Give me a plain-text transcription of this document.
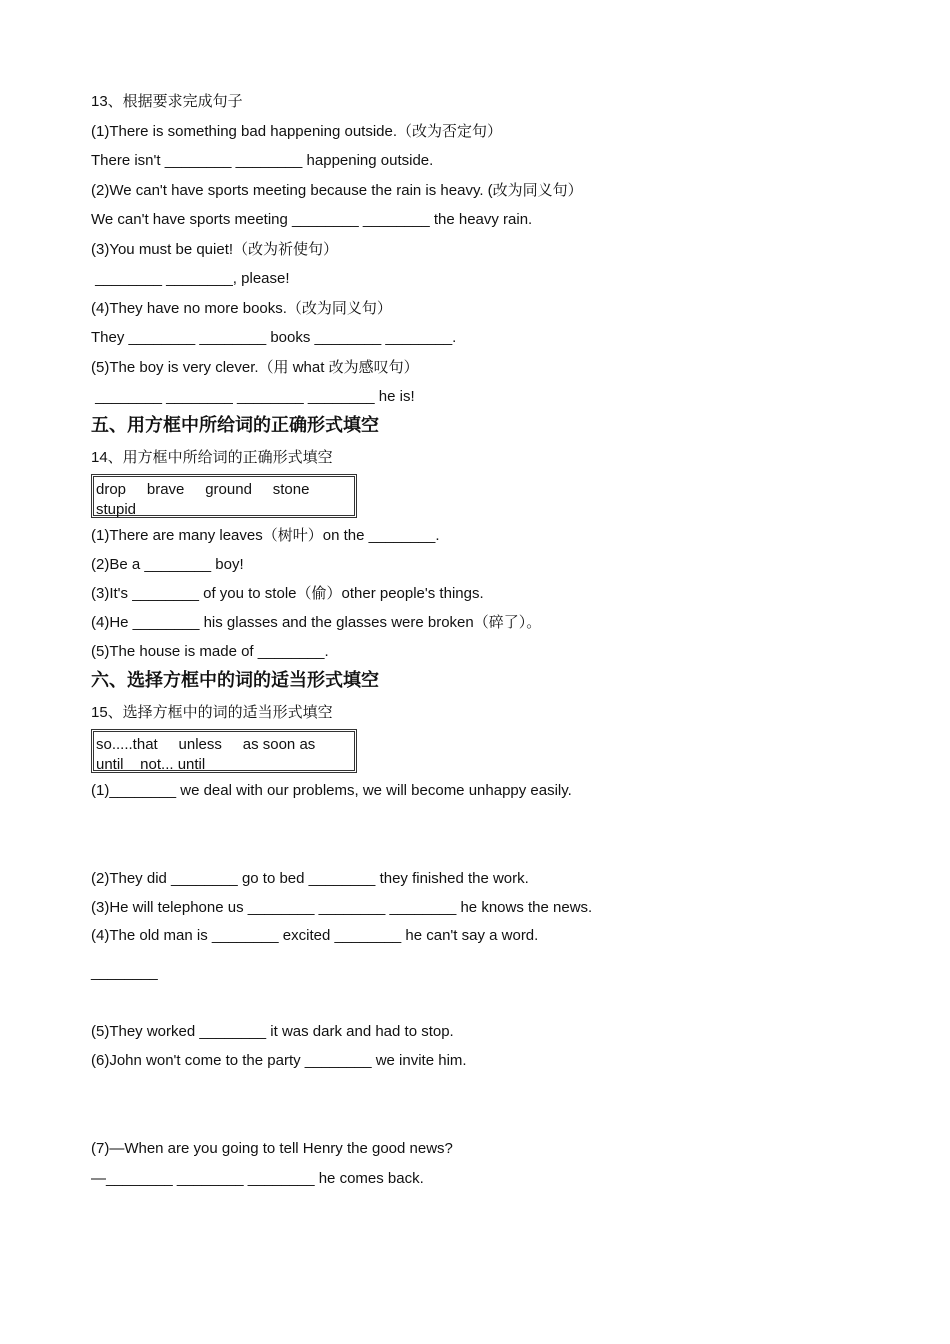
13、根据要求完成句子

(1)There is something bad happening outside.（改为否定句）

There isn't ________ ________ happening outside.

(2)We can't have sports meeting because the rain is heavy. (改为同义句）

We can't have sports meeting ________ ________ the heavy rain.

(3)You must be quiet!（改为祈使句）

________ ________, please!

(4)They have no more books.（改为同义句）

They ________ ________ books ________ ________.

(5)The boy is very clever.（用 what 改为感叹句）

________ ________ ________ ________ he is!

五、用方框中所给词的正确形式填空

14、用方框中所给词的正确形式填空

drop     brave     ground     stone
stupid

(1)There are many leaves（树叶）on the ________.

(2)Be a ________ boy!

(3)It's ________ of you to stole（偷）other people's things.

(4)He ________ his glasses and the glasses were broken（碎了）。

(5)The house is made of ________.

六、选择方框中的词的适当形式填空

15、选择方框中的词的适当形式填空

so.....that     unless     as soon as
until    not... until

(1)________ we deal with our problems, we will become unhappy easily.

(2)They did ________ go to bed ________ they finished the work.

(3)He will telephone us ________ ________ ________ he knows the news.

(4)The old man is ________ excited ________ he can't say a word.

________

(5)They worked ________ it was dark and had to stop.

(6)John won't come to the party ________ we invite him.

(7)—When are you going to tell Henry the good news?

—________ ________ ________ he comes back.
